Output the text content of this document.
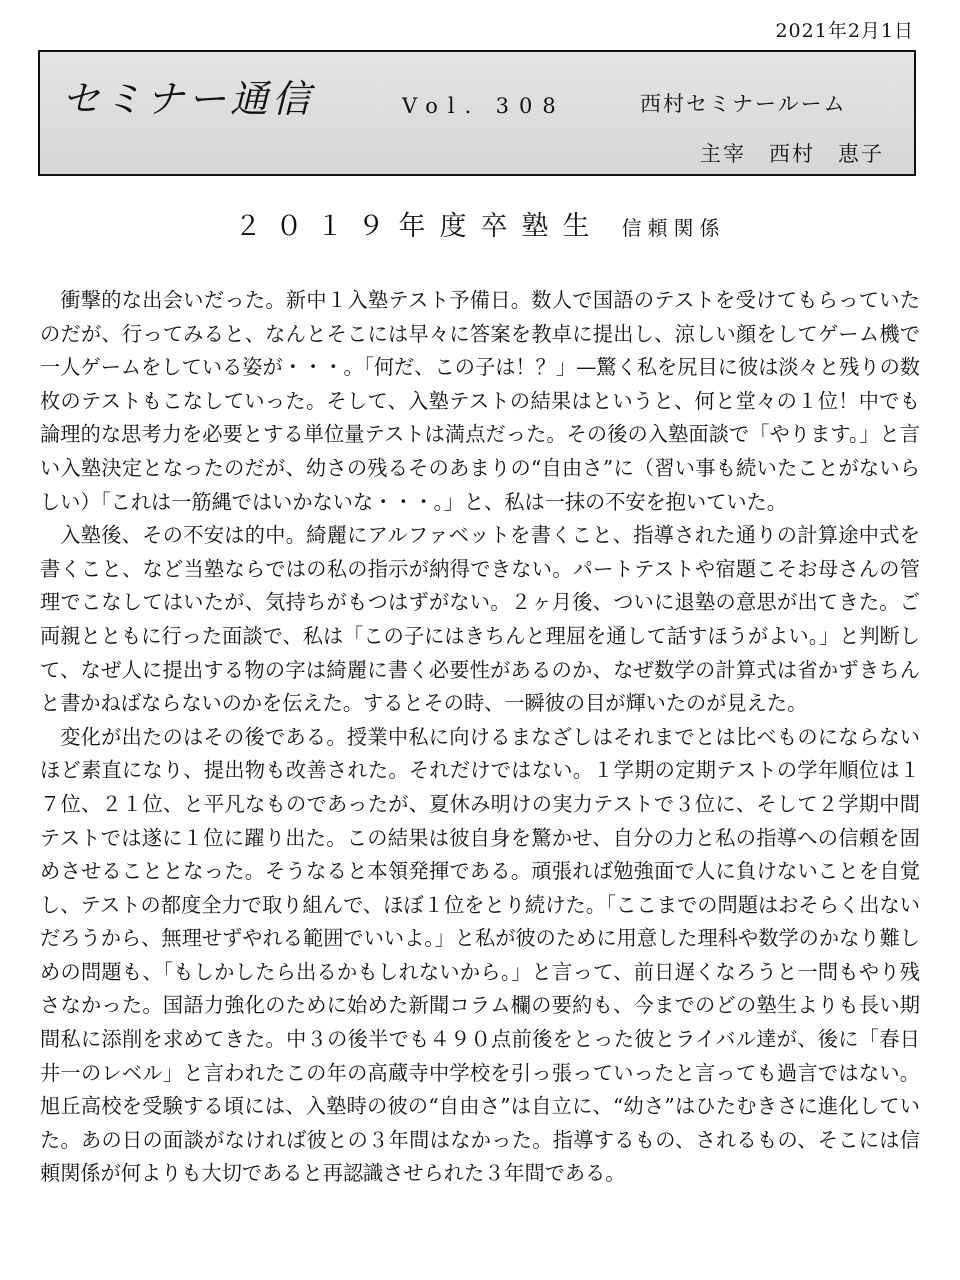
2021年2月1日
セミナー通信	Vol．308	西村セミナールーム
主宰　西村　恵子
２０１９年度卒塾生 信頼関係

衝撃的な出会いだった。新中１入塾テスト予備日。数人で国語のテストを受けてもらっていたのだが、行ってみると、なんとそこには早々に答案を教卓に提出し、涼しい顔をしてゲーム機で一人ゲームをしている姿が・・・。「何だ、この子は！？」—驚く私を尻目に彼は淡々と残りの数枚のテストもこなしていった。そして、入塾テストの結果はというと、何と堂々の１位！中でも論理的な思考力を必要とする単位量テストは満点だった。その後の入塾面談で「やります。」と言い入塾決定となったのだが、幼さの残るそのあまりの“自由さ”に（習い事も続いたことがないらしい）「これは一筋縄ではいかないな・・・。」と、私は一抹の不安を抱いていた。

入塾後、その不安は的中。綺麗にアルファベットを書くこと、指導された通りの計算途中式を書くこと、など当塾ならではの私の指示が納得できない。パートテストや宿題こそお母さんの管理でこなしてはいたが、気持ちがもつはずがない。２ヶ月後、ついに退塾の意思が出てきた。ご両親とともに行った面談で、私は「この子にはきちんと理屈を通して話すほうがよい。」と判断して、なぜ人に提出する物の字は綺麗に書く必要性があるのか、なぜ数学の計算式は省かずきちんと書かねばならないのかを伝えた。するとその時、一瞬彼の目が輝いたのが見えた。

変化が出たのはその後である。授業中私に向けるまなざしはそれまでとは比べものにならないほど素直になり、提出物も改善された。それだけではない。１学期の定期テストの学年順位は１７位、２１位、と平凡なものであったが、夏休み明けの実力テストで３位に、そして２学期中間テストでは遂に１位に躍り出た。この結果は彼自身を驚かせ、自分の力と私の指導への信頼を固めさせることとなった。そうなると本領発揮である。頑張れば勉強面で人に負けないことを自覚し、テストの都度全力で取り組んで、ほぼ１位をとり続けた。「ここまでの問題はおそらく出ないだろうから、無理せずやれる範囲でいいよ。」と私が彼のために用意した理科や数学のかなり難しめの問題も、「もしかしたら出るかもしれないから。」と言って、前日遅くなろうと一問もやり残さなかった。国語力強化のために始めた新聞コラム欄の要約も、今までのどの塾生よりも長い期間私に添削を求めてきた。中３の後半でも４９０点前後をとった彼とライバル達が、後に「春日井一のレベル」と言われたこの年の高蔵寺中学校を引っ張っていったと言っても過言ではない。旭丘高校を受験する頃には、入塾時の彼の“自由さ”は自立に、“幼さ”はひたむきさに進化していた。あの日の面談がなければ彼との３年間はなかった。指導するもの、されるもの、そこには信頼関係が何よりも大切であると再認識させられた３年間である。
